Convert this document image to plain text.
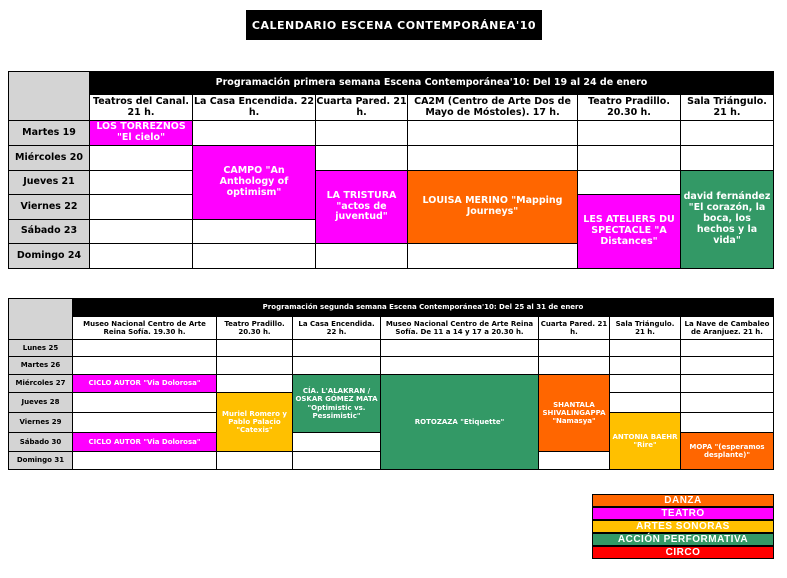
CALENDARIO ESCENA CONTEMPORÁNEA'10
Programación primera semana Escena Contemporánea'10: Del 19 al 24 de enero
Teatros del Canal. 21 h.
La Casa Encendida. 22 h.
Cuarta Pared. 21 h.
CA2M (Centro de Arte Dos de Mayo de Móstoles). 17 h.
Teatro Pradillo. 20.30 h.
Sala Triángulo. 21 h.
Martes 19
Miércoles 20
Jueves 21
Viernes 22
Sábado 23
Domingo 24
LOS TORREZNOS "El cielo"
CAMPO "An Anthology of optimism"	LA TRISTURA "actos de juventud"
LOUISA MERINO "Mapping Journeys"
LES ATELIERS DU SPECTACLE "A Distances"
david fernández "El corazón, la boca, los hechos y la vida"
Programación segunda semana Escena Contemporánea'10: Del 25 al 31 de enero
Museo Nacional Centro de Arte Reina Sofía. 19.30 h.
Teatro Pradillo. 20.30 h.
La Casa Encendida. 22 h.
Museo Nacional Centro de Arte Reina Sofía. De 11 a 14 y 17 a 20.30 h.
Cuarta Pared. 21 h.
Sala Triángulo. 21 h.
La Nave de Cambaleo de Aranjuez. 21 h.
Lunes 25
Martes 26
Miércoles 27
Jueves 28
Viernes 29
Sábado 30
Domingo 31
CICLO AUTOR "Via Dolorosa"
CICLO AUTOR "Via Dolorosa"
Muriel Romero y Pablo Palacio "Catexis"
CÍA. L'ALAKRAN / OSKAR GÓMEZ MATA "Optimistic vs. Pessimistic"
ROTOZAZA "Etiquette"
SHANTALA SHIVALINGAPPA "Namasya"
ANTONIA BAEHR "Rire"	MOPA "(esperamos desplante)"
DANZA
TEATRO
ARTES SONORAS
ACCIÓN PERFORMATIVA
CIRCO
